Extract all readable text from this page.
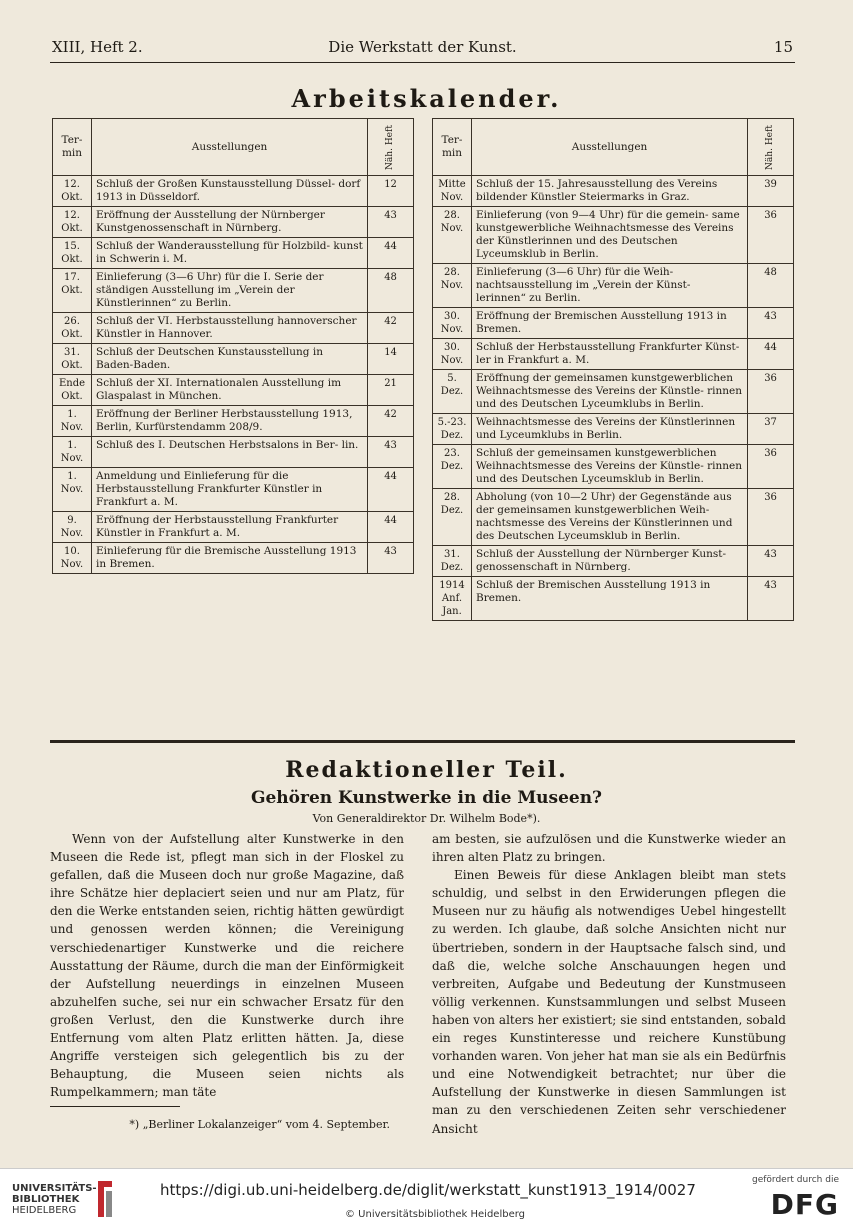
XIII, Heft 2.	Die Werkstatt der Kunst.	15
Arbeitskalender.
Ter- min	Ausstellungen	Näh. Heft
12. Okt.	Schluß der Großen Kunstausstellung Düssel- dorf 1913 in Düsseldorf.	12
12. Okt.	Eröffnung der Ausstellung der Nürnberger Kunstgenossenschaft in Nürnberg.	43
15. Okt.	Schluß der Wanderausstellung für Holzbild- kunst in Schwerin i. M.	44
17. Okt.	Einlieferung (3—6 Uhr) für die I. Serie der ständigen Ausstellung im „Verein der Künstlerinnen“ zu Berlin.	48
26. Okt.	Schluß der VI. Herbstausstellung hannoverscher Künstler in Hannover.	42
31. Okt.	Schluß der Deutschen Kunstausstellung in Baden-Baden.	14
Ende Okt.	Schluß der XI. Internationalen Ausstellung im Glaspalast in München.	21
1. Nov.	Eröffnung der Berliner Herbstausstellung 1913, Berlin, Kurfürstendamm 208/9.	42
1. Nov.	Schluß des I. Deutschen Herbstsalons in Ber- lin.	43
1. Nov.	Anmeldung und Einlieferung für die Herbstausstellung Frankfurter Künstler in Frankfurt a. M.	44
9. Nov.	Eröffnung der Herbstausstellung Frankfurter Künstler in Frankfurt a. M.	44
10. Nov.	Einlieferung für die Bremische Ausstellung 1913 in Bremen.	43
Ter- min	Ausstellungen	Näh. Heft
Mitte Nov.	Schluß der 15. Jahresausstellung des Vereins bildender Künstler Steiermarks in Graz.	39
28. Nov.	Einlieferung (von 9—4 Uhr) für die gemein- same kunstgewerbliche Weihnachtsmesse des Vereins der Künstlerinnen und des Deutschen Lyceumsklub in Berlin.	36
28. Nov.	Einlieferung (3—6 Uhr) für die Weih- nachtsausstellung im „Verein der Künst- lerinnen“ zu Berlin.	48
30. Nov.	Eröffnung der Bremischen Ausstellung 1913 in Bremen.	43
30. Nov.	Schluß der Herbstausstellung Frankfurter Künst- ler in Frankfurt a. M.	44
5. Dez.	Eröffnung der gemeinsamen kunstgewerblichen Weihnachtsmesse des Vereins der Künstle- rinnen und des Deutschen Lyceumklubs in Berlin.	36
5.-23. Dez.	Weihnachtsmesse des Vereins der Künstlerinnen und Lyceumklubs in Berlin.	37
23. Dez.	Schluß der gemeinsamen kunstgewerblichen Weihnachtsmesse des Vereins der Künstle- rinnen und des Deutschen Lyceumsklub in Berlin.	36
28. Dez.	Abholung (von 10—2 Uhr) der Gegenstände aus der gemeinsamen kunstgewerblichen Weih- nachtsmesse des Vereins der Künstlerinnen und des Deutschen Lyceumsklub in Berlin.	36
31. Dez.	Schluß der Ausstellung der Nürnberger Kunst- genossenschaft in Nürnberg.	43
1914 Anf. Jan.	Schluß der Bremischen Ausstellung 1913 in Bremen.	43
Redaktioneller Teil.
Gehören Kunstwerke in die Museen?
Von Generaldirektor Dr. Wilhelm Bode*).

Wenn von der Aufstellung alter Kunstwerke in den Museen die Rede ist, pflegt man sich in der Floskel zu gefallen, daß die Museen doch nur große Magazine, daß ihre Schätze hier deplaciert seien und nur am Platz, für den die Werke entstanden seien, richtig hätten gewürdigt und genossen werden können; die Vereinigung verschiedenartiger Kunstwerke und die reichere Ausstattung der Räume, durch die man der Einförmigkeit der Aufstellung neuerdings in einzelnen Museen abzuhelfen suche, sei nur ein schwacher Ersatz für den großen Verlust, den die Kunstwerke durch ihre Entfernung vom alten Platz erlitten hätten. Ja, diese Angriffe versteigen sich gelegentlich bis zu der Behauptung, die Museen seien nichts als Rumpelkammern; man täte

am besten, sie aufzulösen und die Kunstwerke wieder an ihren alten Platz zu bringen.

Einen Beweis für diese Anklagen bleibt man stets schuldig, und selbst in den Erwiderungen pflegen die Museen nur zu häufig als notwendiges Uebel hingestellt zu werden. Ich glaube, daß solche Ansichten nicht nur übertrieben, sondern in der Hauptsache falsch sind, und daß die, welche solche Anschauungen hegen und verbreiten, Aufgabe und Bedeutung der Kunstmuseen völlig verkennen. Kunstsammlungen und selbst Museen haben von alters her existiert; sie sind entstanden, sobald ein reges Kunstinteresse und reichere Kunstübung vorhanden waren. Von jeher hat man sie als ein Bedürfnis und eine Notwendigkeit betrachtet; nur über die Aufstellung der Kunstwerke in diesen Sammlungen ist man zu den verschiedenen Zeiten sehr verschiedener Ansicht

*) „Berliner Lokalanzeiger“ vom 4. September.
UNIVERSITÄTS-
BIBLIOTHEK
HEIDELBERG
https://digi.ub.uni-heidelberg.de/diglit/werkstatt_kunst1913_1914/0027
© Universitätsbibliothek Heidelberg
gefördert durch die
DFG
